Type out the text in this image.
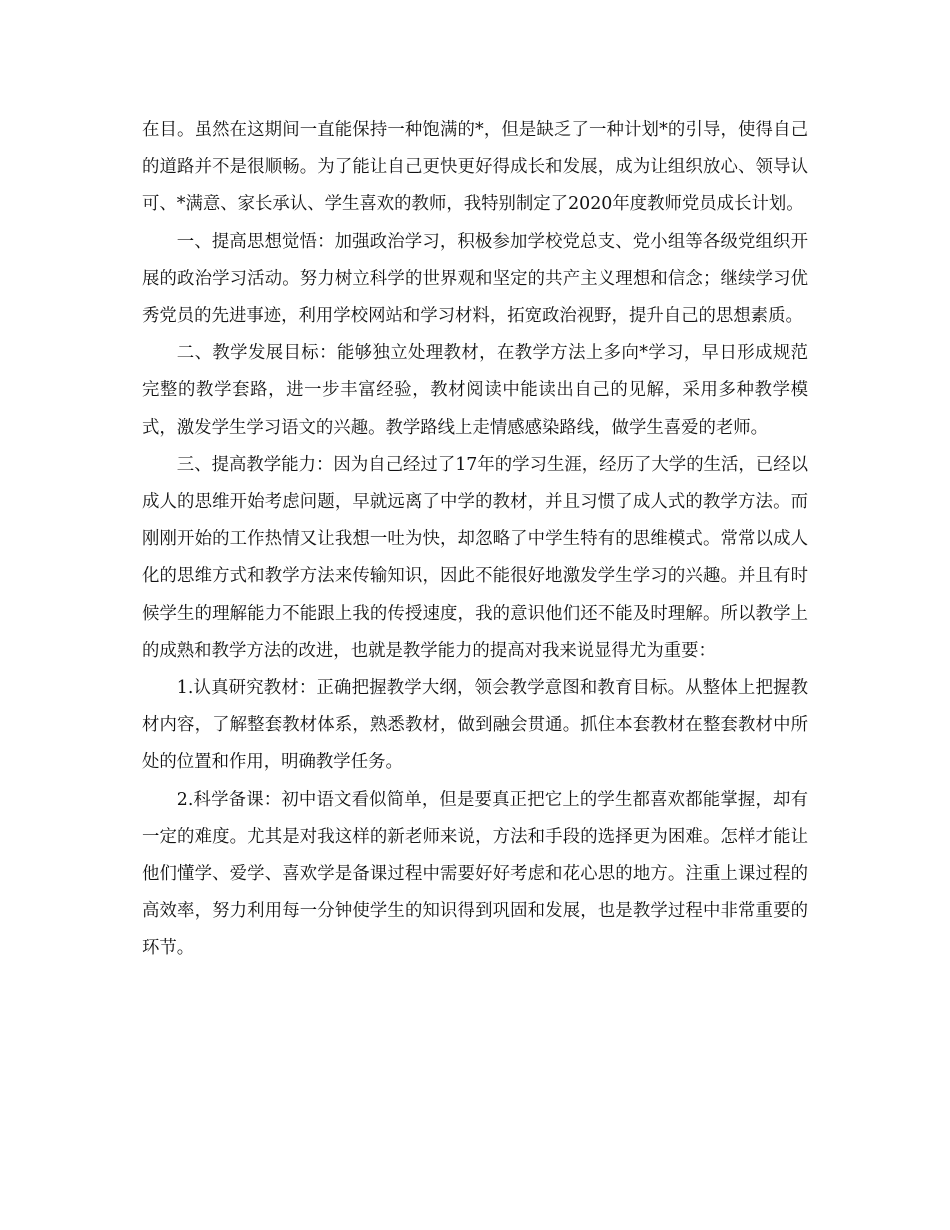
在目。虽然在这期间一直能保持一种饱满的*，但是缺乏了一种计划*的引导，使得自己的道路并不是很顺畅。为了能让自己更快更好得成长和发展，成为让组织放心、领导认可、*满意、家长承认、学生喜欢的教师，我特别制定了2020年度教师党员成长计划。

一、提高思想觉悟：加强政治学习，积极参加学校党总支、党小组等各级党组织开展的政治学习活动。努力树立科学的世界观和坚定的共产主义理想和信念；继续学习优秀党员的先进事迹，利用学校网站和学习材料，拓宽政治视野，提升自己的思想素质。

二、教学发展目标：能够独立处理教材，在教学方法上多向*学习，早日形成规范完整的教学套路，进一步丰富经验，教材阅读中能读出自己的见解，采用多种教学模式，激发学生学习语文的兴趣。教学路线上走情感感染路线，做学生喜爱的老师。

三、提高教学能力：因为自己经过了17年的学习生涯，经历了大学的生活，已经以成人的思维开始考虑问题，早就远离了中学的教材，并且习惯了成人式的教学方法。而刚刚开始的工作热情又让我想一吐为快，却忽略了中学生特有的思维模式。常常以成人化的思维方式和教学方法来传输知识，因此不能很好地激发学生学习的兴趣。并且有时候学生的理解能力不能跟上我的传授速度，我的意识他们还不能及时理解。所以教学上的成熟和教学方法的改进，也就是教学能力的提高对我来说显得尤为重要：

1.认真研究教材：正确把握教学大纲，领会教学意图和教育目标。从整体上把握教材内容，了解整套教材体系，熟悉教材，做到融会贯通。抓住本套教材在整套教材中所处的位置和作用，明确教学任务。

2.科学备课：初中语文看似简单，但是要真正把它上的学生都喜欢都能掌握，却有一定的难度。尤其是对我这样的新老师来说，方法和手段的选择更为困难。怎样才能让他们懂学、爱学、喜欢学是备课过程中需要好好考虑和花心思的地方。注重上课过程的高效率，努力利用每一分钟使学生的知识得到巩固和发展，也是教学过程中非常重要的环节。
